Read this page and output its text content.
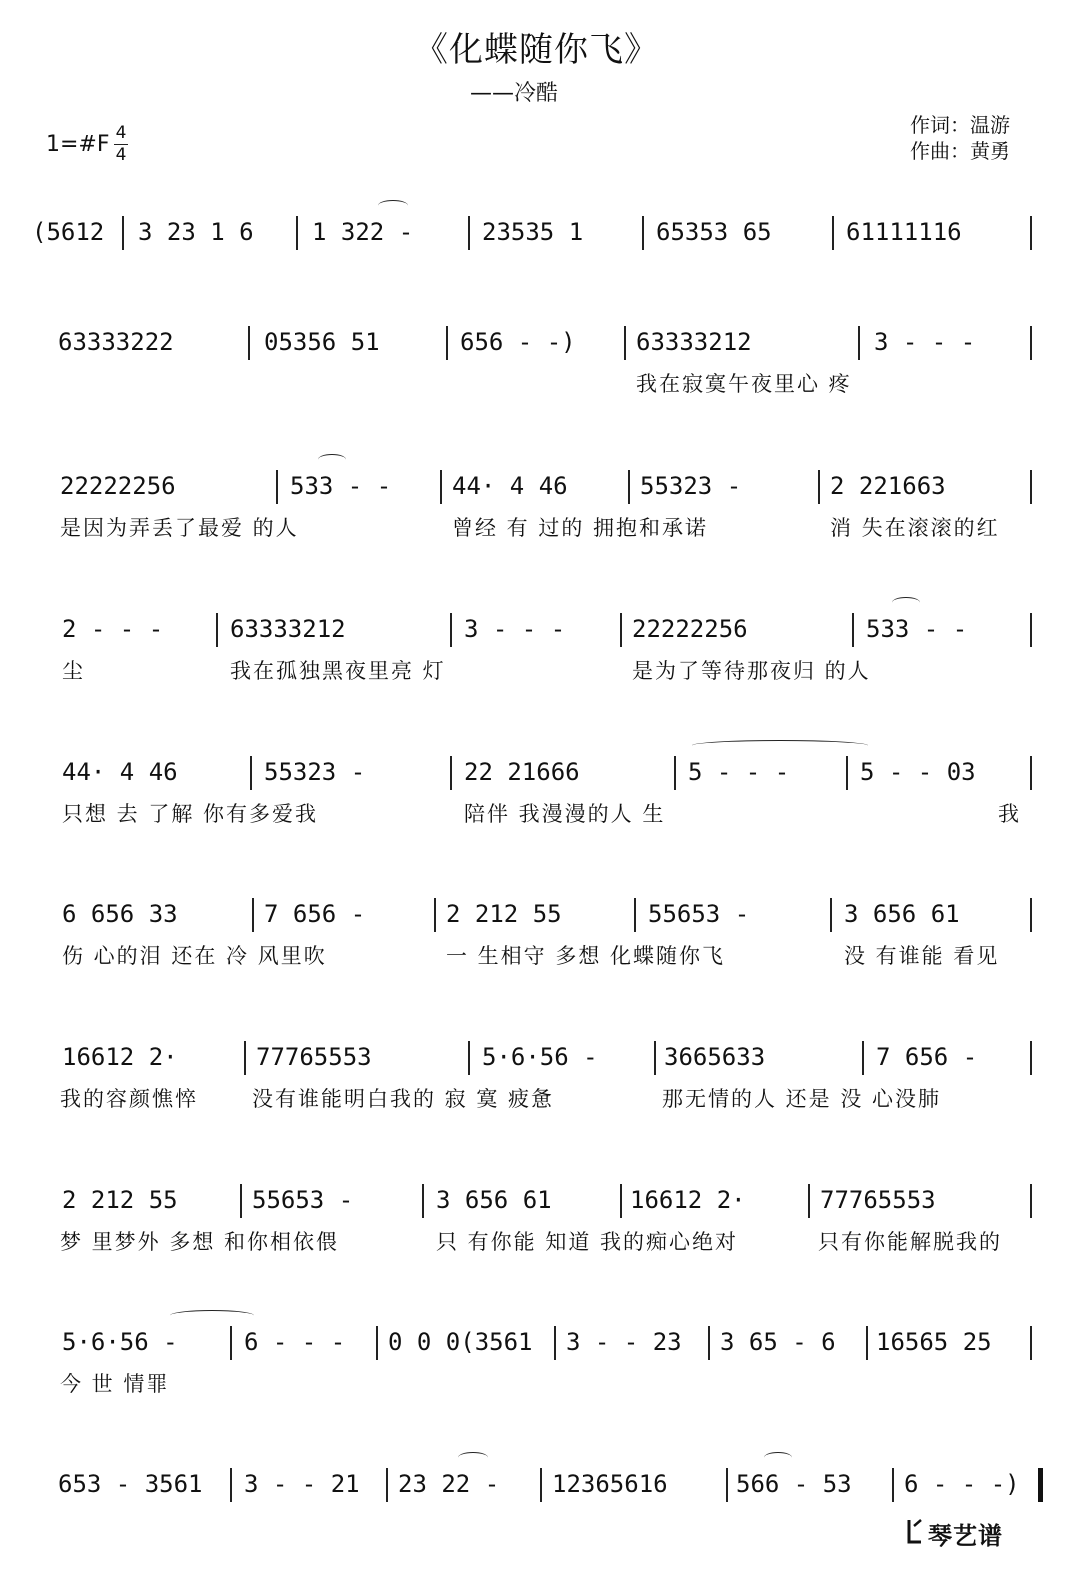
《化蝶随你飞》
——冷酷
1=#F 4
4
作词：温游
作曲：黄勇
(5612	3 23 1 6	1 322 -	23535 1	65353 65	61111116
63333222	05356 51	656 - -)	63333212	3 - - -
我在寂寞午夜里心 疼
22222256	533 - -	44· 4 46	55323 -	2 221663
是因为弄丢了最爱 的人	曾经 有 过的 拥抱和承诺	消 失在滚滚的红
2 - - -	63333212	3 - - -	22222256	533 - -
尘	我在孤独黑夜里亮 灯	是为了等待那夜归 的人
44· 4 46	55323 -	22 21666	5 - - -	5 - - 03
只想 去 了解 你有多爱我	陪伴 我漫漫的人 生	我
6 656 33	7 656 -	2 212 55	55653 -	3 656 61
伤 心的泪 还在 冷 风里吹	一 生相守 多想 化蝶随你飞	没 有谁能 看见
16612 2·	77765553	5·6·56 -	3665633	7 656 -
我的容颜憔悴	没有谁能明白我的 寂 寞 疲惫	那无情的人 还是 没 心没肺
2 212 55	55653 -	3 656 61	16612 2·	77765553
梦 里梦外 多想 和你相依偎	只 有你能 知道 我的痴心绝对	只有你能解脱我的
5·6·56 -	6 - - -	0 0 0(3561	3 - - 23	3 65 - 6	16565 25
今 世 情罪
653 - 3561	3 - - 21	23 22 -	12365616	566 - 53	6 - - -)
琴艺谱
